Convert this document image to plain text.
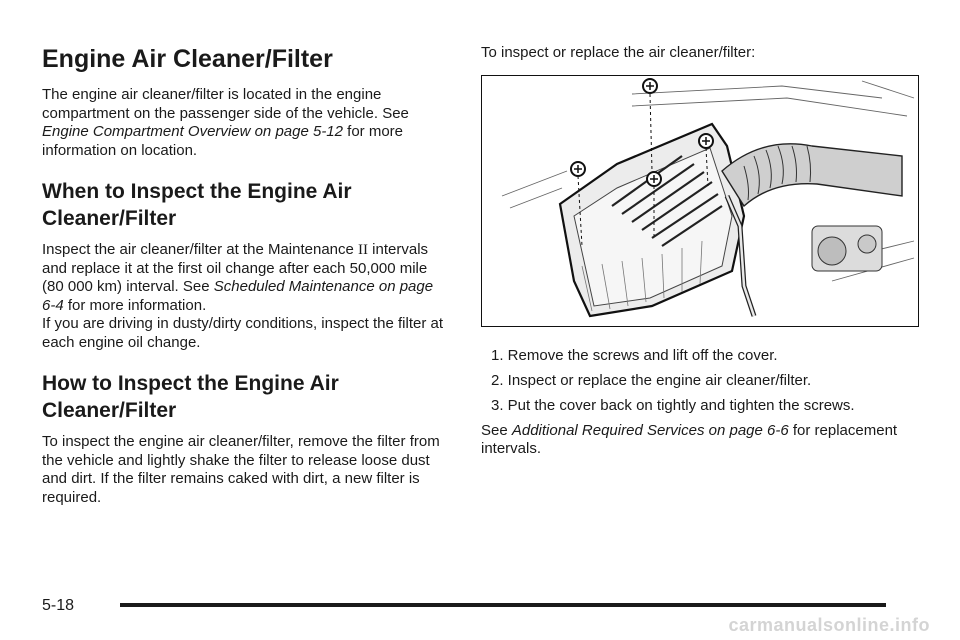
Engine Air Cleaner/Filter

The engine air cleaner/filter is located in the engine compartment on the passenger side of the vehicle. See Engine Compartment Overview on page 5-12 for more information on location.

When to Inspect the Engine Air
Cleaner/Filter

Inspect the air cleaner/filter at the Maintenance II intervals and replace it at the first oil change after each 50,000 mile (80 000 km) interval. See Scheduled Maintenance on page 6-4 for more information.

If you are driving in dusty/dirty conditions, inspect the filter at each engine oil change.

How to Inspect the Engine Air
Cleaner/Filter

To inspect the engine air cleaner/filter, remove the filter from the vehicle and lightly shake the filter to release loose dust and dirt. If the filter remains caked with dirt, a new filter is required.

To inspect or replace the air cleaner/filter:

1. Remove the screws and lift off the cover.
2. Inspect or replace the engine air cleaner/filter.
3. Put the cover back on tightly and tighten the screws.

See Additional Required Services on page 6-6 for replacement intervals.

5-18
carmanualsonline.info
